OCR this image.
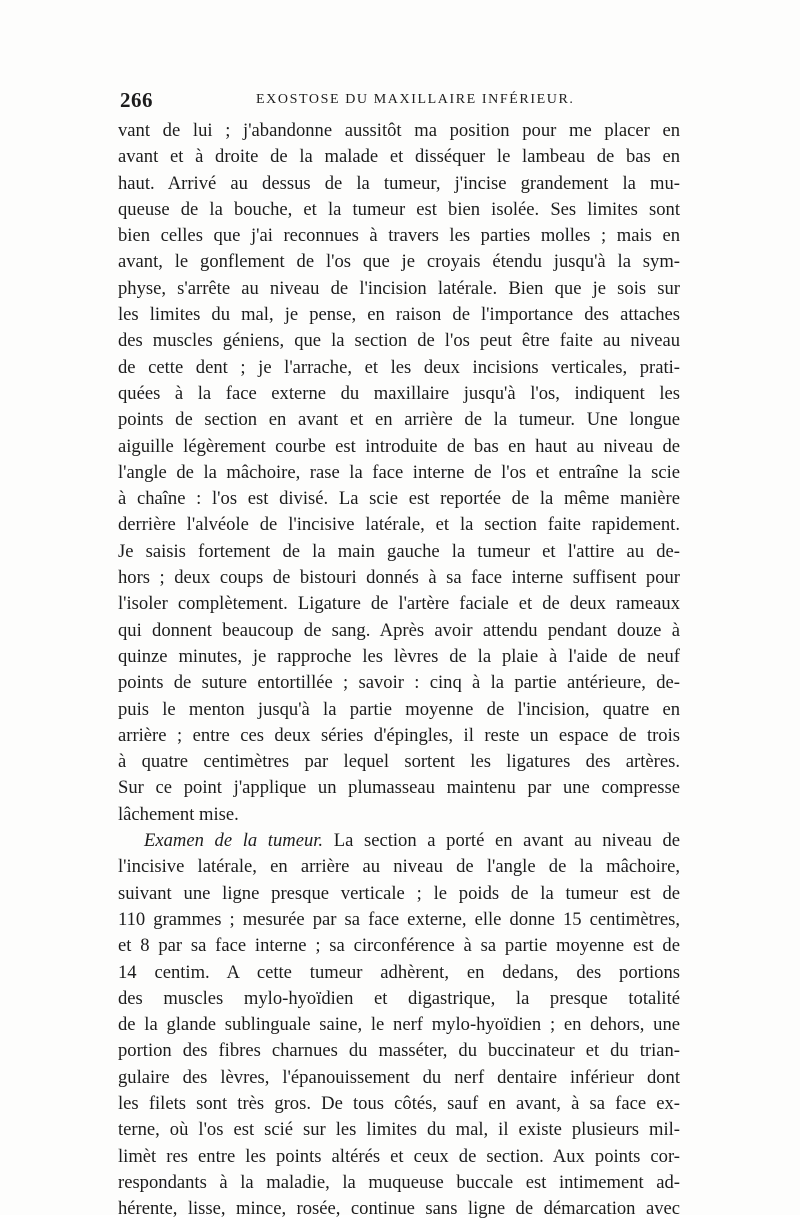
266	EXOSTOSE DU MAXILLAIRE INFÉRIEUR.
vant de lui ; j'abandonne aussitôt ma position pour me placer en
avant et à droite de la malade et disséquer le lambeau de bas en
haut. Arrivé au dessus de la tumeur, j'incise grandement la mu-
queuse de la bouche, et la tumeur est bien isolée. Ses limites sont
bien celles que j'ai reconnues à travers les parties molles ; mais en
avant, le gonflement de l'os que je croyais étendu jusqu'à la sym-
physe, s'arrête au niveau de l'incision latérale. Bien que je sois sur
les limites du mal, je pense, en raison de l'importance des attaches
des muscles géniens, que la section de l'os peut être faite au niveau
de cette dent ; je l'arrache, et les deux incisions verticales, prati-
quées à la face externe du maxillaire jusqu'à l'os, indiquent les
points de section en avant et en arrière de la tumeur. Une longue
aiguille légèrement courbe est introduite de bas en haut au niveau de
l'angle de la mâchoire, rase la face interne de l'os et entraîne la scie
à chaîne : l'os est divisé. La scie est reportée de la même manière
derrière l'alvéole de l'incisive latérale, et la section faite rapidement.
Je saisis fortement de la main gauche la tumeur et l'attire au de-
hors ; deux coups de bistouri donnés à sa face interne suffisent pour
l'isoler complètement. Ligature de l'artère faciale et de deux rameaux
qui donnent beaucoup de sang. Après avoir attendu pendant douze à
quinze minutes, je rapproche les lèvres de la plaie à l'aide de neuf
points de suture entortillée ; savoir : cinq à la partie antérieure, de-
puis le menton jusqu'à la partie moyenne de l'incision, quatre en
arrière ; entre ces deux séries d'épingles, il reste un espace de trois
à quatre centimètres par lequel sortent les ligatures des artères.
Sur ce point j'applique un plumasseau maintenu par une compresse
lâchement mise.
Examen de la tumeur. La section a porté en avant au niveau de
l'incisive latérale, en arrière au niveau de l'angle de la mâchoire,
suivant une ligne presque verticale ; le poids de la tumeur est de
110 grammes ; mesurée par sa face externe, elle donne 15 centimètres,
et 8 par sa face interne ; sa circonférence à sa partie moyenne est de
14 centim. A cette tumeur adhèrent, en dedans, des portions
des muscles mylo-hyoïdien et digastrique, la presque totalité
de la glande sublinguale saine, le nerf mylo-hyoïdien ; en dehors, une
portion des fibres charnues du masséter, du buccinateur et du trian-
gulaire des lèvres, l'épanouissement du nerf dentaire inférieur dont
les filets sont très gros. De tous côtés, sauf en avant, à sa face ex-
terne, où l'os est scié sur les limites du mal, il existe plusieurs mil-
limèt res entre les points altérés et ceux de section. Aux points cor-
respondants à la maladie, la muqueuse buccale est intimement ad-
hérente, lisse, mince, rosée, continue sans ligne de démarcation avec
